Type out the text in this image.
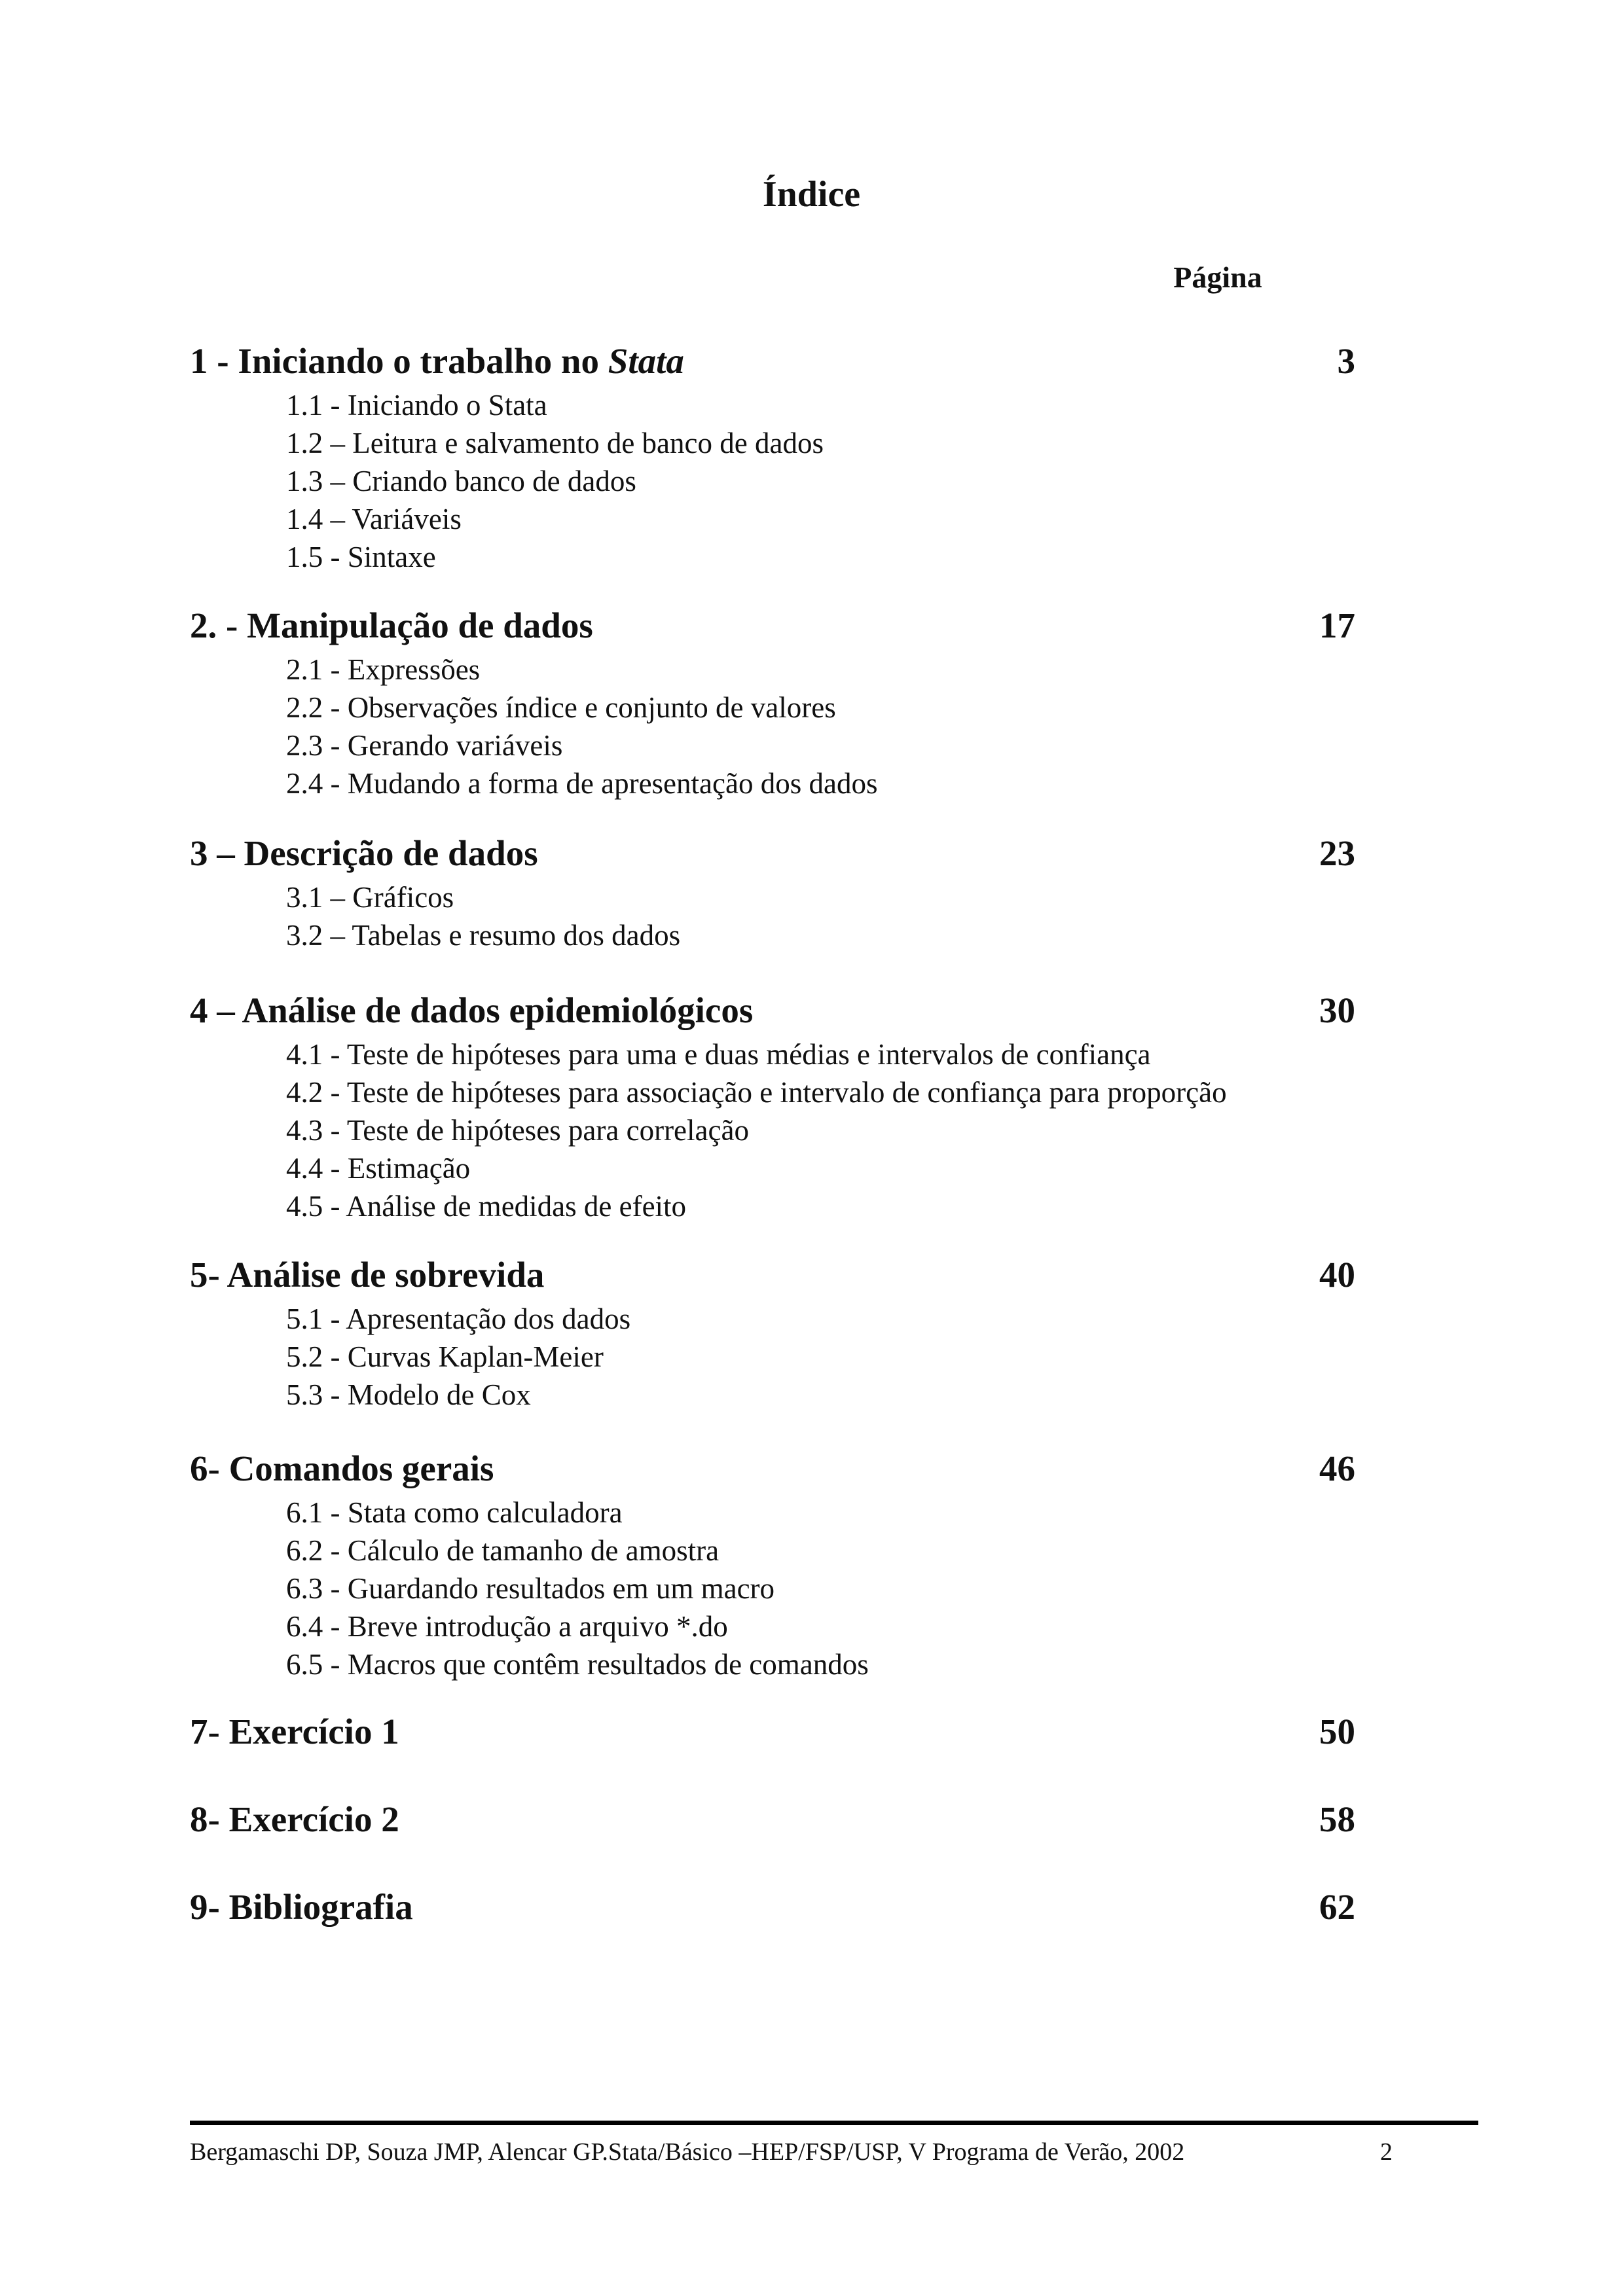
Índice
Página
1 - Iniciando o trabalho no Stata	3
1.1 - Iniciando o Stata
1.2 – Leitura e salvamento de banco de dados
1.3 – Criando banco de dados
1.4 – Variáveis
1.5 - Sintaxe
2. - Manipulação de dados	17
2.1 - Expressões
2.2 - Observações índice e conjunto de valores
2.3 - Gerando variáveis
2.4 - Mudando a forma de apresentação dos dados
3 – Descrição de dados	23
3.1 – Gráficos
3.2 – Tabelas e resumo dos dados
4 – Análise de dados epidemiológicos	30
4.1 - Teste de hipóteses para uma e duas médias e intervalos de confiança
4.2 - Teste de hipóteses para associação e intervalo de confiança para proporção
4.3 - Teste de hipóteses para correlação
4.4 - Estimação
4.5 - Análise de medidas de efeito
5- Análise de sobrevida	40
5.1 - Apresentação dos dados
5.2 - Curvas Kaplan-Meier
5.3 - Modelo de Cox
6- Comandos gerais	46
6.1 - Stata como calculadora
6.2 - Cálculo de tamanho de amostra
6.3 - Guardando resultados em um macro
6.4 - Breve introdução a arquivo *.do
6.5 - Macros que contêm resultados de comandos
7- Exercício 1	50
8- Exercício 2	58
9- Bibliografia	62
Bergamaschi DP, Souza JMP, Alencar GP.Stata/Básico –HEP/FSP/USP, V Programa de Verão, 2002	2
